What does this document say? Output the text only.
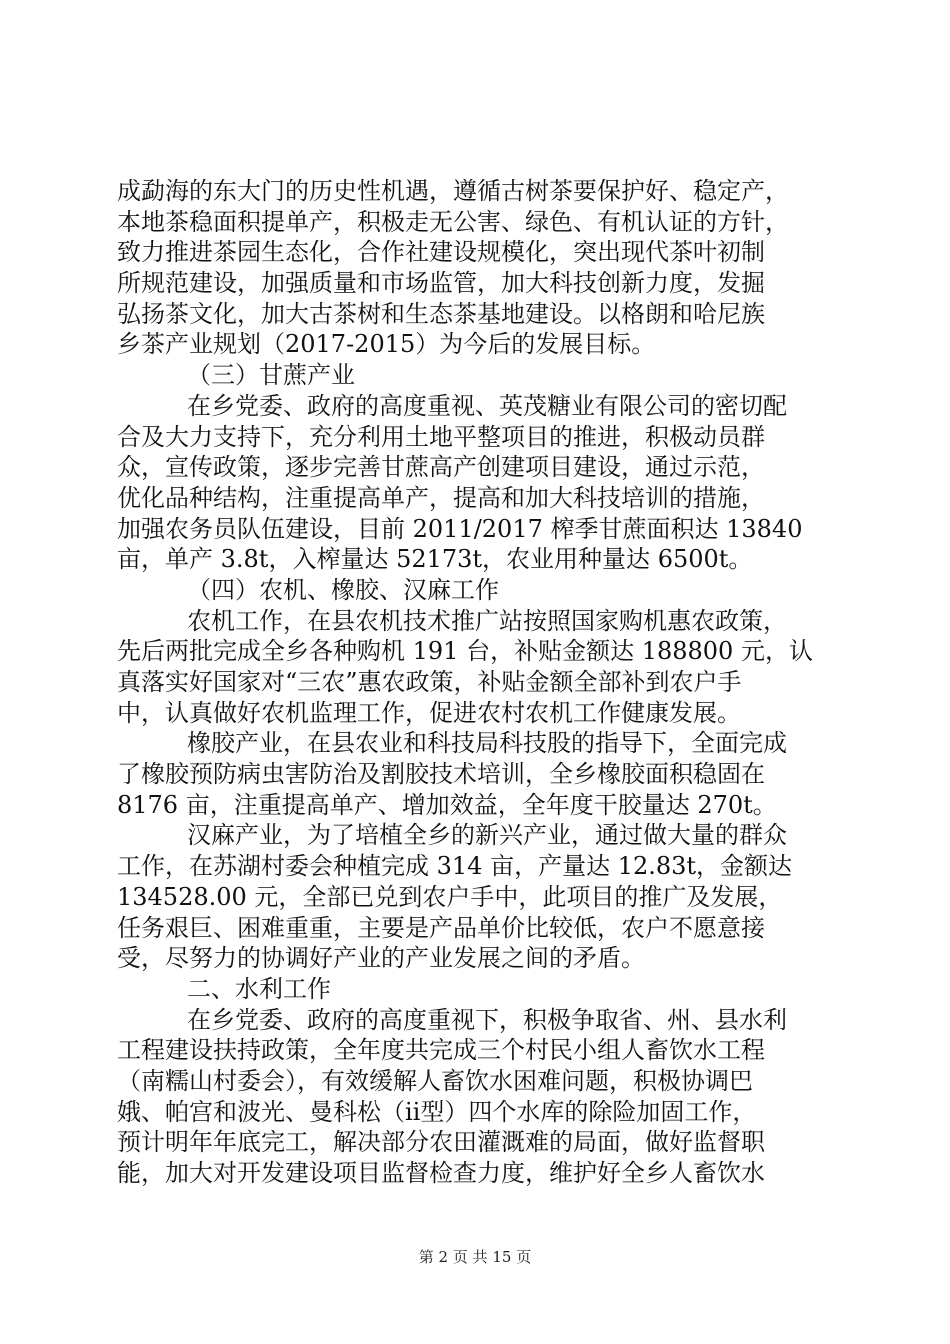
成勐海的东大门的历史性机遇，遵循古树茶要保护好、稳定产，
本地茶稳面积提单产，积极走无公害、绿色、有机认证的方针，
致力推进茶园生态化，合作社建设规模化，突出现代茶叶初制
所规范建设，加强质量和市场监管，加大科技创新力度，发掘
弘扬茶文化，加大古茶树和生态茶基地建设。以格朗和哈尼族
乡茶产业规划（2017-2015）为今后的发展目标。
（三）甘蔗产业
在乡党委、政府的高度重视、英茂糖业有限公司的密切配
合及大力支持下，充分利用土地平整项目的推进，积极动员群
众，宣传政策，逐步完善甘蔗高产创建项目建设，通过示范，
优化品种结构，注重提高单产，提高和加大科技培训的措施，
加强农务员队伍建设，目前 2011/2017 榨季甘蔗面积达 13840
亩，单产 3.8t，入榨量达 52173t，农业用种量达 6500t。
（四）农机、橡胶、汉麻工作
农机工作，在县农机技术推广站按照国家购机惠农政策，
先后两批完成全乡各种购机 191 台，补贴金额达 188800 元，认
真落实好国家对“三农”惠农政策，补贴金额全部补到农户手
中，认真做好农机监理工作，促进农村农机工作健康发展。
橡胶产业，在县农业和科技局科技股的指导下，全面完成
了橡胶预防病虫害防治及割胶技术培训，全乡橡胶面积稳固在
8176 亩，注重提高单产、增加效益，全年度干胶量达 270t。
汉麻产业，为了培植全乡的新兴产业，通过做大量的群众
工作，在苏湖村委会种植完成 314 亩，产量达 12.83t，金额达
134528.00 元，全部已兑到农户手中，此项目的推广及发展，
任务艰巨、困难重重，主要是产品单价比较低，农户不愿意接
受，尽努力的协调好产业的产业发展之间的矛盾。
二、水利工作
在乡党委、政府的高度重视下，积极争取省、州、县水利
工程建设扶持政策，全年度共完成三个村民小组人畜饮水工程
（南糯山村委会），有效缓解人畜饮水困难问题，积极协调巴
娥、帕宫和波光、曼科松（ⅱ型）四个水库的除险加固工作，
预计明年年底完工，解决部分农田灌溉难的局面，做好监督职
能，加大对开发建设项目监督检查力度，维护好全乡人畜饮水
第 2 页 共 15 页
